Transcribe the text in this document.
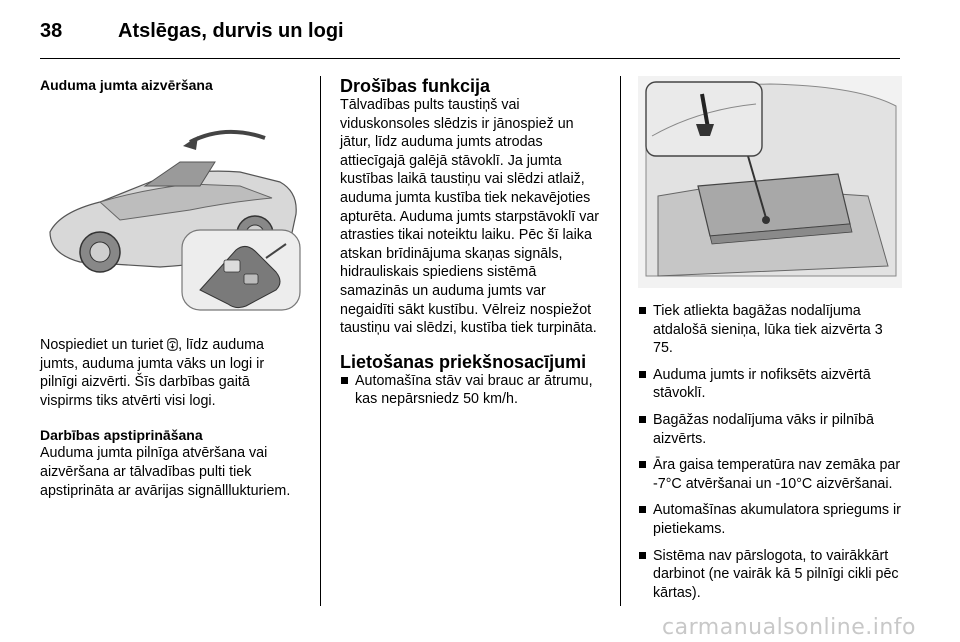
38	Atslēgas, durvis un logi

Auduma jumta aizvēršana

Nospiediet un turiet , līdz auduma jumts, auduma jumta vāks un logi ir pilnīgi aizvērti. Šīs darbības gaitā vispirms tiks atvērti visi logi.

Darbības apstiprināšana

Auduma jumta pilnīga atvēršana vai aizvēršana ar tālvadības pulti tiek apstiprināta ar avārijas signālllukturiem.

Drošības funkcija

Tālvadības pults taustiņš vai viduskonsoles slēdzis ir jānospiež un jātur, līdz auduma jumts atrodas attiecīgajā galējā stāvoklī. Ja jumta kustības laikā taustiņu vai slēdzi atlaiž, auduma jumta kustība tiek nekavējoties apturēta. Auduma jumts starpstāvoklī var atrasties tikai noteiktu laiku. Pēc šī laika atskan brīdinājuma skaņas signāls, hidrauliskais spiediens sistēmā samazinās un auduma jumts var negaidīti sākt kustību. Vēlreiz nospiežot taustiņu vai slēdzi, kustība tiek turpināta.

Lietošanas priekšnosacījumi

Automašīna stāv vai brauc ar ātrumu, kas nepārsniedz 50 km/h.
Tiek atliekta bagāžas nodalījuma atdalošā sieniņa, lūka tiek aizvērta 3 75.
Auduma jumts ir nofiksēts aizvērtā stāvoklī.
Bagāžas nodalījuma vāks ir pilnībā aizvērts.
Āra gaisa temperatūra nav zemāka par -7°C atvēršanai un -10°C aizvēršanai.
Automašīnas akumulatora spriegums ir pietiekams.
Sistēma nav pārslogota, to vairākkārt darbinot (ne vairāk kā 5 pilnīgi cikli pēc kārtas).
carmanualsonline.info
